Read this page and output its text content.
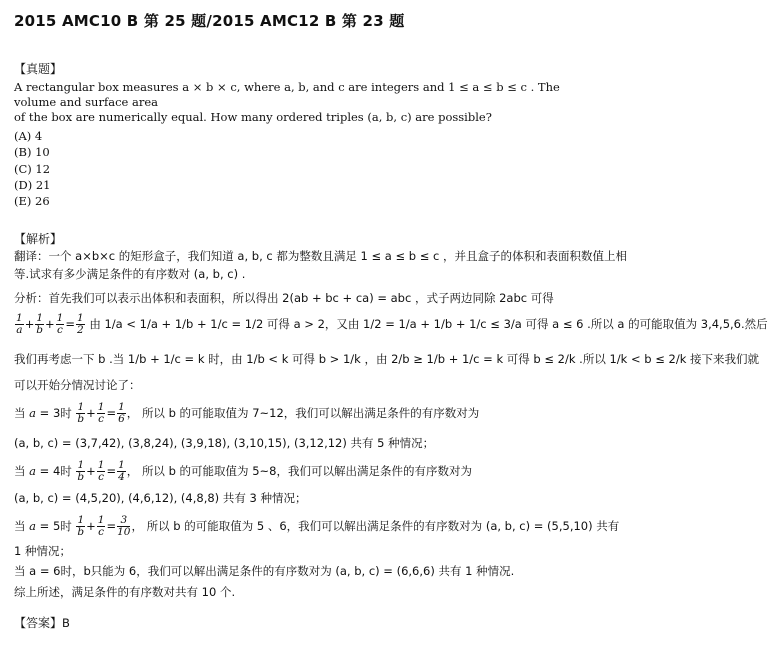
2015 AMC10 B 第 25 题/2015 AMC12 B 第 23 题
【真题】
A rectangular box measures a × b × c, where a, b, and c are integers and 1 ≤ a ≤ b ≤ c . The volume and surface area
of the box are numerically equal. How many ordered triples (a, b, c) are possible?
(A) 4
(B) 10
(C) 12
(D) 21
(E) 26
【解析】
翻译：一个 a×b×c 的矩形盒子，我们知道 a, b, c 都为整数且满足 1 ≤ a ≤ b ≤ c ，并且盒子的体积和表面积数值上相
等.试求有多少满足条件的有序数对 (a, b, c) .
分析：首先我们可以表示出体积和表面积，所以得出 2(ab + bc + ca) = abc ，式子两边同除 2abc 可得
$\frac{1}{a} + \frac{1}{b} + \frac{1}{c} = \frac{1}{2}$ 由 1/a < 1/a + 1/b + 1/c = 1/2 可得 a > 2，又由 1/2 = 1/a + 1/b + 1/c ≤ 3/a 可得 a ≤ 6 .所以 a 的可能取值为 3,4,5,6.然后
我们再考虑一下 b .当 1/b + 1/c = k 时，由 1/b < k 可得 b > 1/k ，由 2/b ≥ 1/b + 1/c = k 可得 b ≤ 2/k .所以 1/k < b ≤ 2/k 接下来我们就
可以开始分情况讨论了：
当 a = 3时 $\frac{1}{b} + \frac{1}{c} = \frac{1}{6}$ ， 所以 b 的可能取值为 7~12，我们可以解出满足条件的有序数对为
(a, b, c) = (3,7,42), (3,8,24), (3,9,18), (3,10,15), (3,12,12) 共有 5 种情况；
当 a = 4时 $\frac{1}{b} + \frac{1}{c} = \frac{1}{4}$ ， 所以 b 的可能取值为 5~8，我们可以解出满足条件的有序数对为
(a, b, c) = (4,5,20), (4,6,12), (4,8,8) 共有 3 种情况；
当 a = 5时 $\frac{1}{b} + \frac{1}{c} = \frac{3}{10}$ ， 所以 b 的可能取值为 5 、6，我们可以解出满足条件的有序数对为 (a, b, c) = (5,5,10) 共有
1 种情况；
当 a = 6时，b只能为 6，我们可以解出满足条件的有序数对为 (a, b, c) = (6,6,6) 共有 1 种情况.
综上所述，满足条件的有序数对共有 10 个.
【答案】B
